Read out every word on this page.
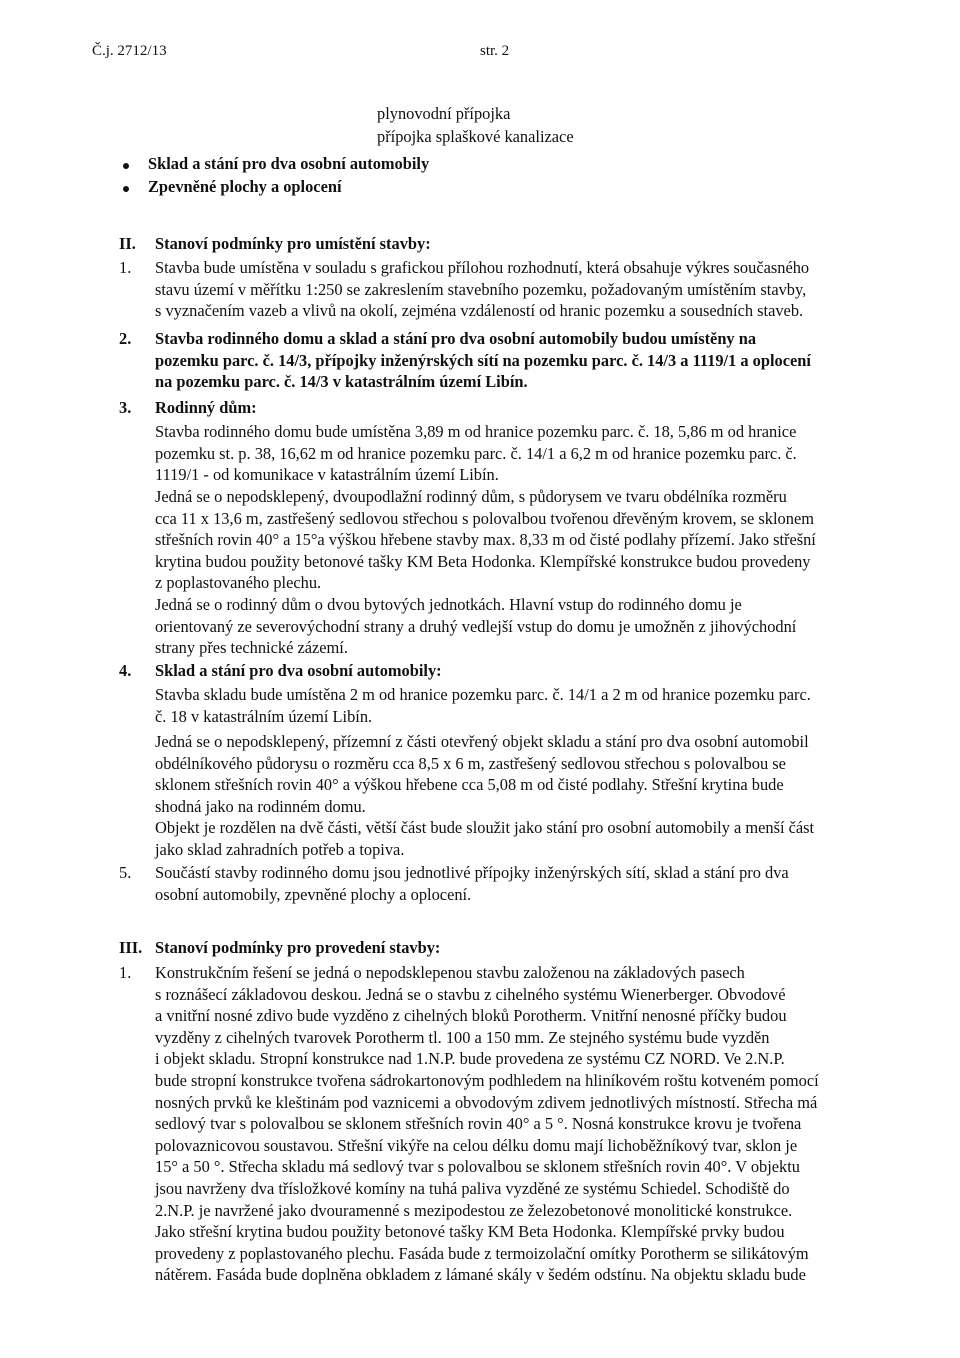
Č.j. 2712/13	str. 2
plynovodní přípojka
přípojka splaškové kanalizace
Sklad a stání pro dva osobní automobily
Zpevněné plochy a oplocení
II. Stanoví podmínky pro umístění stavby:
1. Stavba bude umístěna v souladu s grafickou přílohou rozhodnutí, která obsahuje výkres současného

stavu území v měřítku 1:250 se zakreslením stavebního pozemku, požadovaným umístěním stavby,

s vyznačením vazeb a vlivů na okolí, zejména vzdáleností od hranic pozemku a sousedních staveb.

2. Stavba rodinného domu a sklad a stání pro dva osobní automobily budou umístěny na

pozemku parc. č. 14/3, přípojky inženýrských sítí na pozemku parc. č. 14/3 a 1119/1 a oplocení

na pozemku parc. č. 14/3 v katastrálním území Libín.

3. Rodinný dům:

Stavba rodinného domu bude umístěna 3,89 m od hranice pozemku parc. č. 18, 5,86 m od hranice

pozemku st. p. 38, 16,62 m od hranice pozemku parc. č. 14/1 a 6,2 m od hranice pozemku parc. č.

1119/1 - od komunikace v katastrálním území Libín.

Jedná se o nepodsklepený, dvoupodlažní rodinný dům, s půdorysem ve tvaru obdélníka rozměru

cca 11 x 13,6 m, zastřešený sedlovou střechou s polovalbou tvořenou dřevěným krovem, se sklonem

střešních rovin 40° a 15°a výškou hřebene stavby max. 8,33 m od čisté podlahy přízemí. Jako střešní

krytina budou použity betonové tašky KM Beta Hodonka. Klempířské konstrukce budou provedeny

z poplastovaného plechu.

Jedná se o rodinný dům o dvou bytových jednotkách. Hlavní vstup do rodinného domu je

orientovaný ze severovýchodní strany a druhý vedlejší vstup do domu je umožněn z jihovýchodní

strany přes technické zázemí.

4. Sklad a stání pro dva osobní automobily:

Stavba skladu bude umístěna 2 m od hranice pozemku parc. č. 14/1 a 2 m od hranice pozemku parc.

č. 18 v katastrálním území Libín.

Jedná se o nepodsklepený, přízemní z části otevřený objekt skladu a stání pro dva osobní automobil

obdélníkového půdorysu o rozměru cca 8,5 x 6 m, zastřešený sedlovou střechou s polovalbou se

sklonem střešních rovin 40° a výškou hřebene cca 5,08 m od čisté podlahy. Střešní krytina bude

shodná jako na rodinném domu.

Objekt je rozdělen na dvě části, větší část bude sloužit jako stání pro osobní automobily a menší část

jako sklad zahradních potřeb a topiva.

5. Součástí stavby rodinného domu jsou jednotlivé přípojky inženýrských sítí, sklad a stání pro dva

osobní automobily, zpevněné plochy a oplocení.

III. Stanoví podmínky pro provedení stavby:
1. Konstrukčním řešení se jedná o nepodsklepenou stavbu založenou na základových pasech

s roznášecí základovou deskou. Jedná se o stavbu z cihelného systému Wienerberger. Obvodové

a vnitřní nosné zdivo bude vyzděno z cihelných bloků Porotherm. Vnitřní nenosné příčky budou

vyzděny z cihelných tvarovek Porotherm tl. 100 a 150 mm. Ze stejného systému bude vyzděn

i objekt skladu. Stropní konstrukce nad 1.N.P. bude provedena ze systému CZ NORD. Ve 2.N.P.

bude stropní konstrukce tvořena sádrokartonovým podhledem na hliníkovém roštu kotveném pomocí

nosných prvků ke kleštinám pod vaznicemi a obvodovým zdivem jednotlivých místností. Střecha má

sedlový tvar s polovalbou se sklonem střešních rovin 40° a 5 °. Nosná konstrukce krovu je tvořena

polovaznicovou soustavou. Střešní vikýře na celou délku domu mají lichoběžníkový tvar, sklon je

15° a 50 °. Střecha skladu má sedlový tvar s polovalbou se sklonem střešních rovin 40°. V objektu

jsou navrženy dva třísložkové komíny na tuhá paliva vyzděné ze systému Schiedel. Schodiště do

2.N.P. je navržené jako dvouramenné s mezipodestou ze železobetonové monolitické konstrukce.

Jako střešní krytina budou použity betonové tašky KM Beta Hodonka. Klempířské prvky budou

provedeny z poplastovaného plechu. Fasáda bude z termoizolační omítky Porotherm se silikátovým

nátěrem. Fasáda bude doplněna obkladem z lámané skály v šedém odstínu. Na objektu skladu bude
